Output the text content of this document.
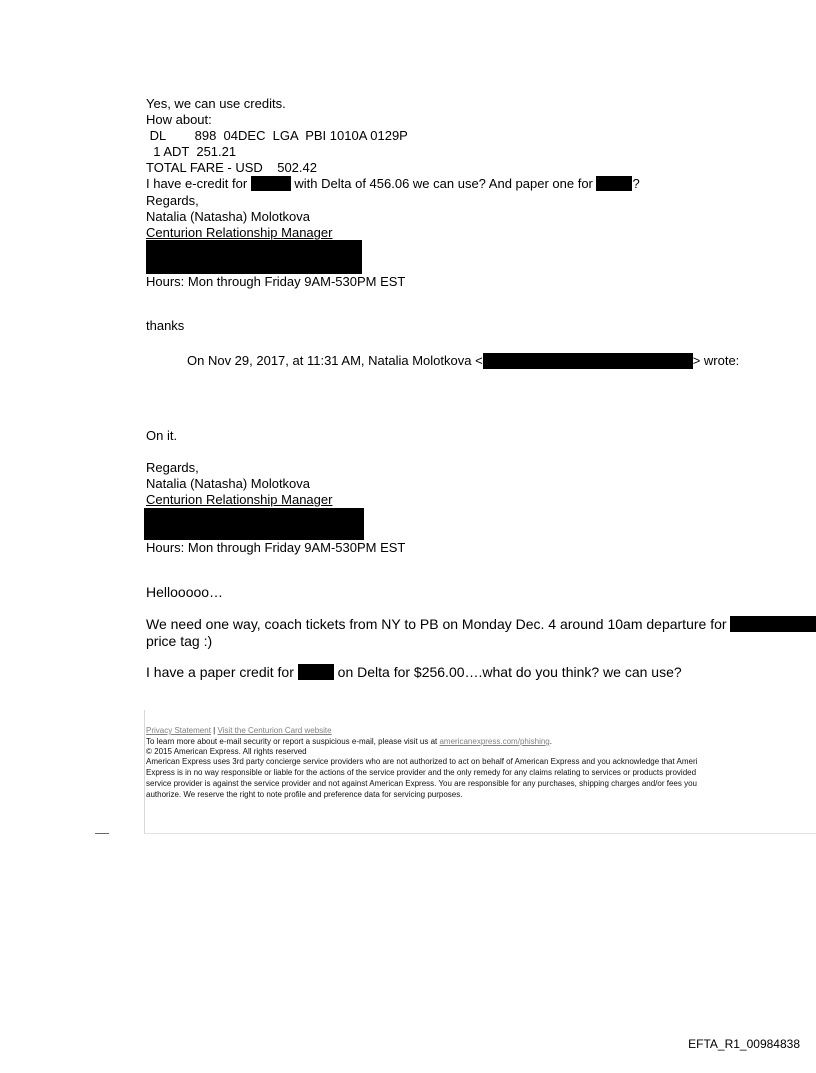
Yes, we can use credits.
How about:
DL        898  04DEC  LGA  PBI 1010A 0129P
1 ADT  251.21
TOTAL FARE - USD    502.42
I have e-credit for	with Delta of 456.06 we can use? And paper one for	?
Regards,
Natalia (Natasha) Molotkova
Centurion Relationship Manager
Hours: Mon through Friday 9AM-530PM EST
thanks
On Nov 29, 2017, at 11:31 AM, Natalia Molotkova <	> wrote:
On it.
Regards,
Natalia (Natasha) Molotkova
Centurion Relationship Manager
Hours: Mon through Friday 9AM-530PM EST
Hellooooo…
We need one way, coach tickets from NY to PB on Monday Dec. 4 around 10am departure for
price tag :)
I have a paper credit for	on Delta for $256.00….what do you think? we can use?
Privacy Statement | Visit the Centurion Card website
To learn more about e-mail security or report a suspicious e-mail, please visit us at americanexpress.com/phishing.
© 2015 American Express. All rights reserved
American Express uses 3rd party concierge service providers who are not authorized to act on behalf of American Express and you acknowledge that Ameri
Express is in no way responsible or liable for the actions of the service provider and the only remedy for any claims relating to services or products provided
service provider is against the service provider and not against American Express. You are responsible for any purchases, shipping charges and/or fees you
authorize. We reserve the right to note profile and preference data for servicing purposes.
EFTA_R1_00984838
